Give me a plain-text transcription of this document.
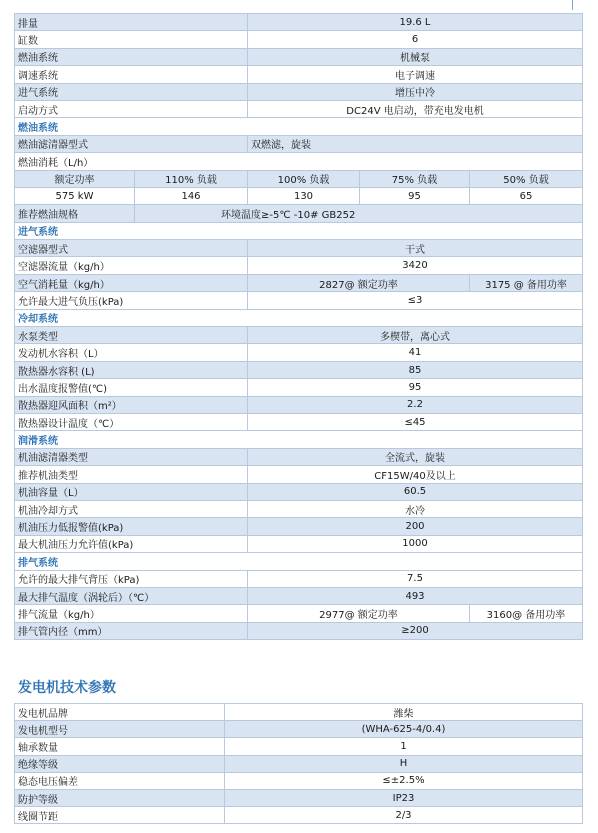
排量		19.6 L		
缸数		6		
燃油系统		机械泵		
调速系统		电子调速		
进气系统		增压中冷		
启动方式		DC24V 电启动，带充电发电机		
燃油系统				
燃油滤清器型式		双燃滤，旋装		
燃油消耗（L/h）				
额定功率	110% 负载	100% 负载	75% 负载	50% 负载
575 kW	146	130	95	65
推荐燃油规格	环境温度≥-5℃ -10# GB252			
进气系统				
空滤器型式		干式		
空滤器流量（kg/h）		3420		
空气消耗量（kg/h）		2827@ 额定功率		3175 @ 备用功率
允许最大进气负压(kPa)		≤3		
冷却系统				
水泵类型		多楔带，离心式		
发动机水容积（L）		41		
散热器水容积 (L)		85		
出水温度报警值(℃)		95		
散热器迎风面积（m²）		2.2		
散热器设计温度（℃）		≤45		
润滑系统				
机油滤清器类型		全流式，旋装		
推荐机油类型		CF15W/40及以上		
机油容量（L）		60.5		
机油冷却方式		水冷		
机油压力低报警值(kPa)		200		
最大机油压力允许值(kPa)		1000		
排气系统				
允许的最大排气背压（kPa)		7.5		
最大排气温度（涡轮后）（℃）		493		
排气流量（kg/h）		2977@ 额定功率		3160@ 备用功率
排气管内径（mm）		≥200		
发电机技术参数
发电机品牌	潍柴
发电机型号	(WHA-625-4/0.4)
轴承数量	1
绝缘等级	H
稳态电压偏差	≤±2.5%
防护等级	IP23
线圈节距	2/3
